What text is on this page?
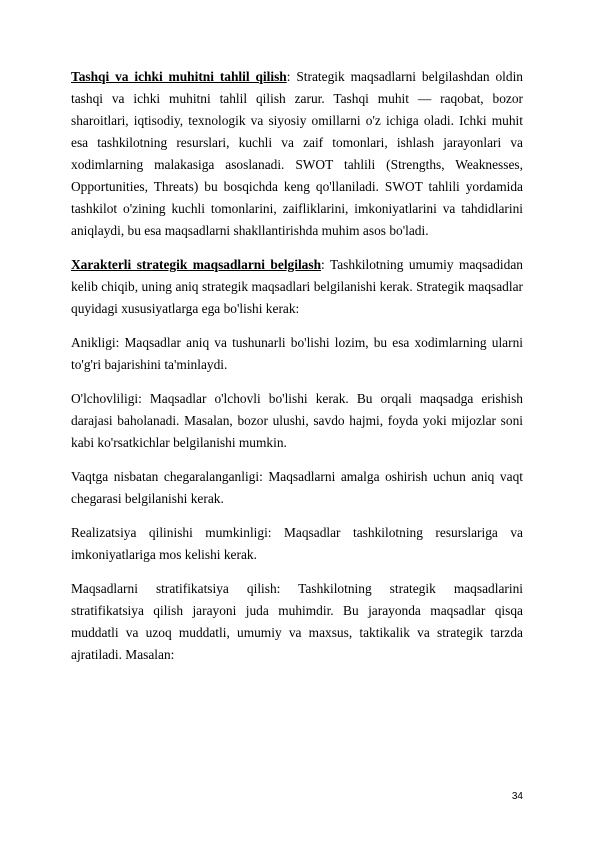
Tashqi va ichki muhitni tahlil qilish: Strategik maqsadlarni belgilashdan oldin tashqi va ichki muhitni tahlil qilish zarur. Tashqi muhit — raqobat, bozor sharoitlari, iqtisodiy, texnologik va siyosiy omillarni o'z ichiga oladi. Ichki muhit esa tashkilotning resurslari, kuchli va zaif tomonlari, ishlash jarayonlari va xodimlarning malakasiga asoslanadi. SWOT tahlili (Strengths, Weaknesses, Opportunities, Threats) bu bosqichda keng qo'llaniladi. SWOT tahlili yordamida tashkilot o'zining kuchli tomonlarini, zaifliklarini, imkoniyatlarini va tahdidlarini aniqlaydi, bu esa maqsadlarni shakllantirishda muhim asos bo'ladi.

Xarakterli strategik maqsadlarni belgilash: Tashkilotning umumiy maqsadidan kelib chiqib, uning aniq strategik maqsadlari belgilanishi kerak. Strategik maqsadlar quyidagi xususiyatlarga ega bo'lishi kerak:

Anikligi: Maqsadlar aniq va tushunarli bo'lishi lozim, bu esa xodimlarning ularni to'g'ri bajarishini ta'minlaydi.

O'lchovliligi: Maqsadlar o'lchovli bo'lishi kerak. Bu orqali maqsadga erishish darajasi baholanadi. Masalan, bozor ulushi, savdo hajmi, foyda yoki mijozlar soni kabi ko'rsatkichlar belgilanishi mumkin.

Vaqtga nisbatan chegaralanganligi: Maqsadlarni amalga oshirish uchun aniq vaqt chegarasi belgilanishi kerak.

Realizatsiya qilinishi mumkinligi: Maqsadlar tashkilotning resurslariga va imkoniyatlariga mos kelishi kerak.

Maqsadlarni stratifikatsiya qilish: Tashkilotning strategik maqsadlarini stratifikatsiya qilish jarayoni juda muhimdir. Bu jarayonda maqsadlar qisqa muddatli va uzoq muddatli, umumiy va maxsus, taktikalik va strategik tarzda ajratiladi. Masalan:

34
